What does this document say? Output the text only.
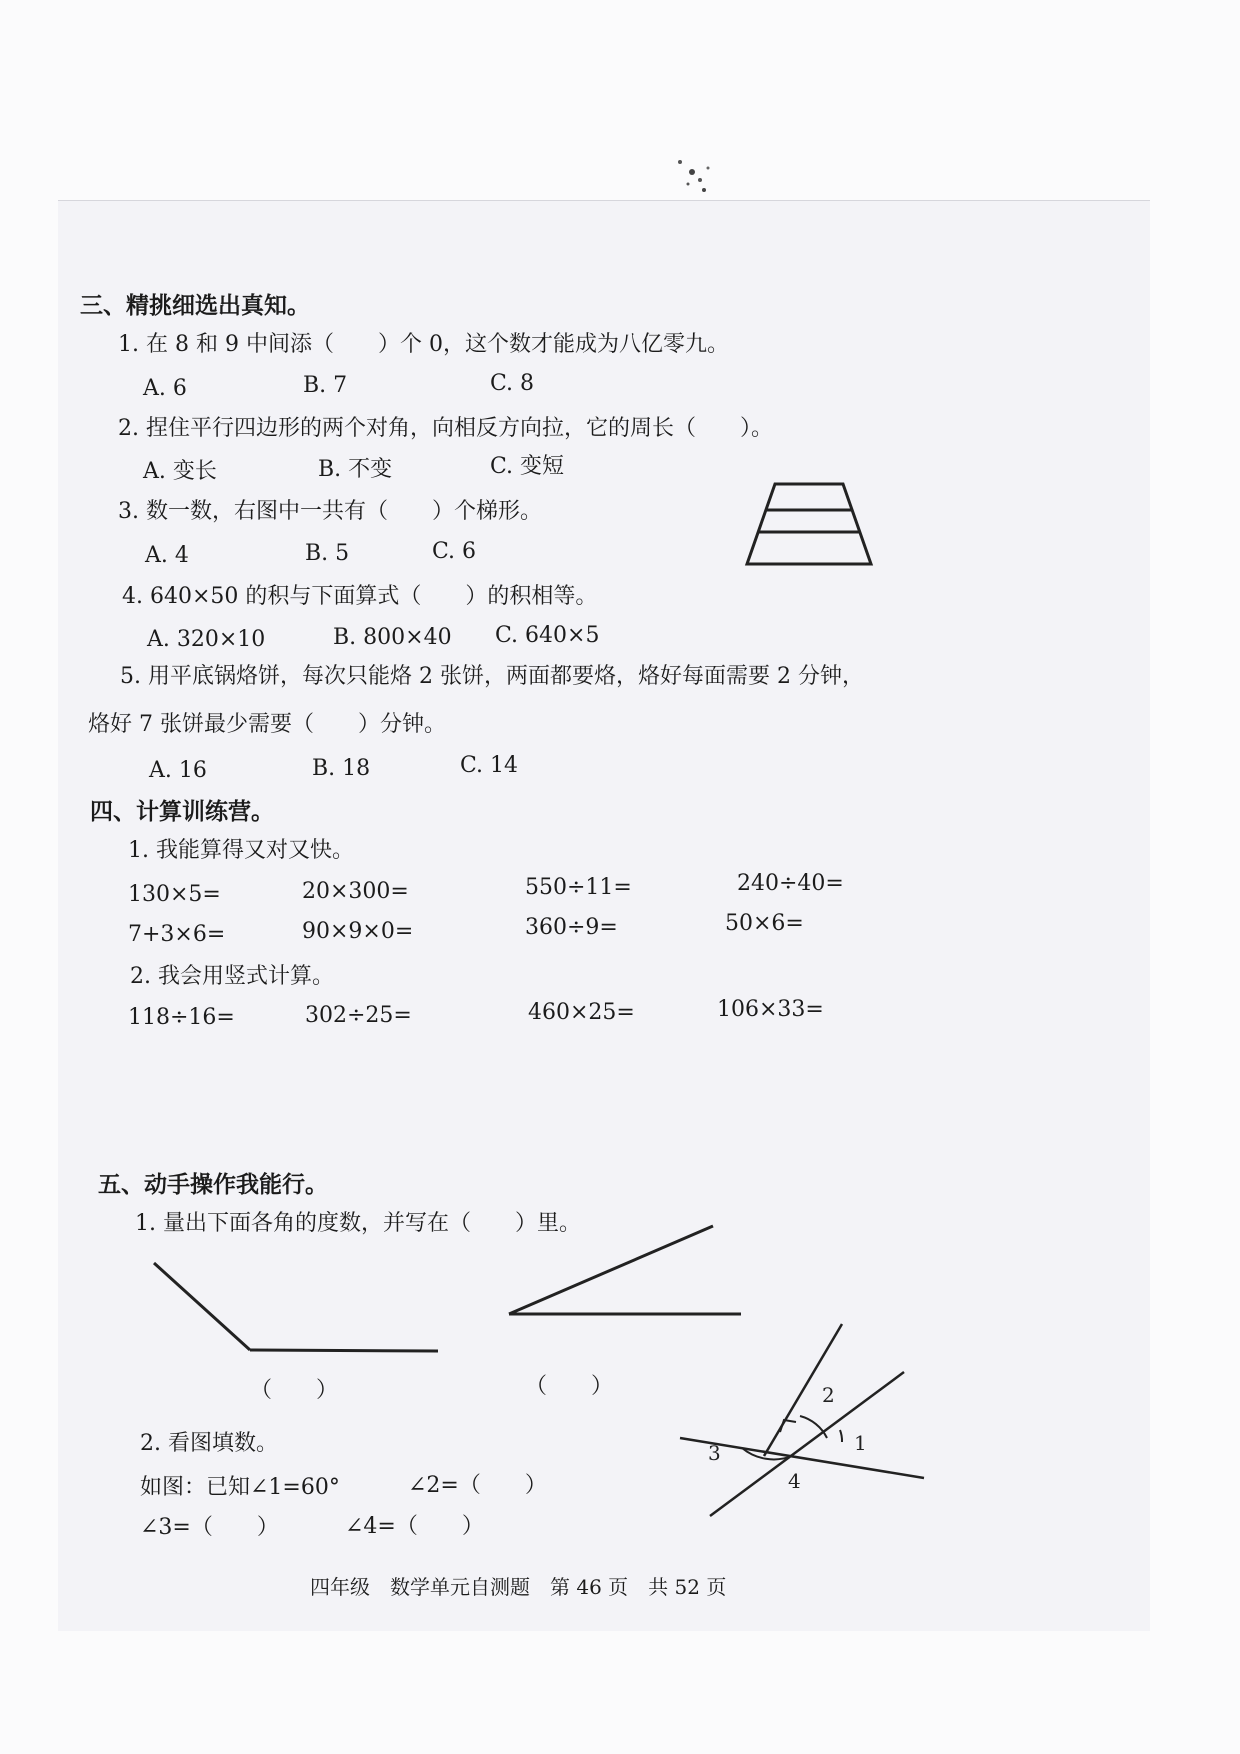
三、精挑细选出真知。
1. 在 8 和 9 中间添（　　）个 0，这个数才能成为八亿零九。
A. 6	B. 7	C. 8
2. 捏住平行四边形的两个对角，向相反方向拉，它的周长（　　）。
A. 变长	B. 不变	C. 变短
3. 数一数，右图中一共有（　　）个梯形。
A. 4	B. 5	C. 6
4. 640×50 的积与下面算式（　　）的积相等。
A. 320×10	B. 800×40 C. 640×5
5. 用平底锅烙饼，每次只能烙 2 张饼，两面都要烙，烙好每面需要 2 分钟，
烙好 7 张饼最少需要（　　）分钟。
A. 16	B. 18	C. 14
四、计算训练营。
1. 我能算得又对又快。
130×5=	20×300=	550÷11=	240÷40=
7+3×6=	90×9×0=	360÷9=	50×6=
2. 我会用竖式计算。
118÷16=	302÷25=	460×25=	106×33=
五、动手操作我能行。
1. 量出下面各角的度数，并写在（　　）里。
（　　）	（　　）
2. 看图填数。
如图：已知∠1=60°	∠2=（　　）
∠3=（　　）	∠4=（　　）
1
2
3
4
四年级　数学单元自测题　第 46 页　共 52 页
